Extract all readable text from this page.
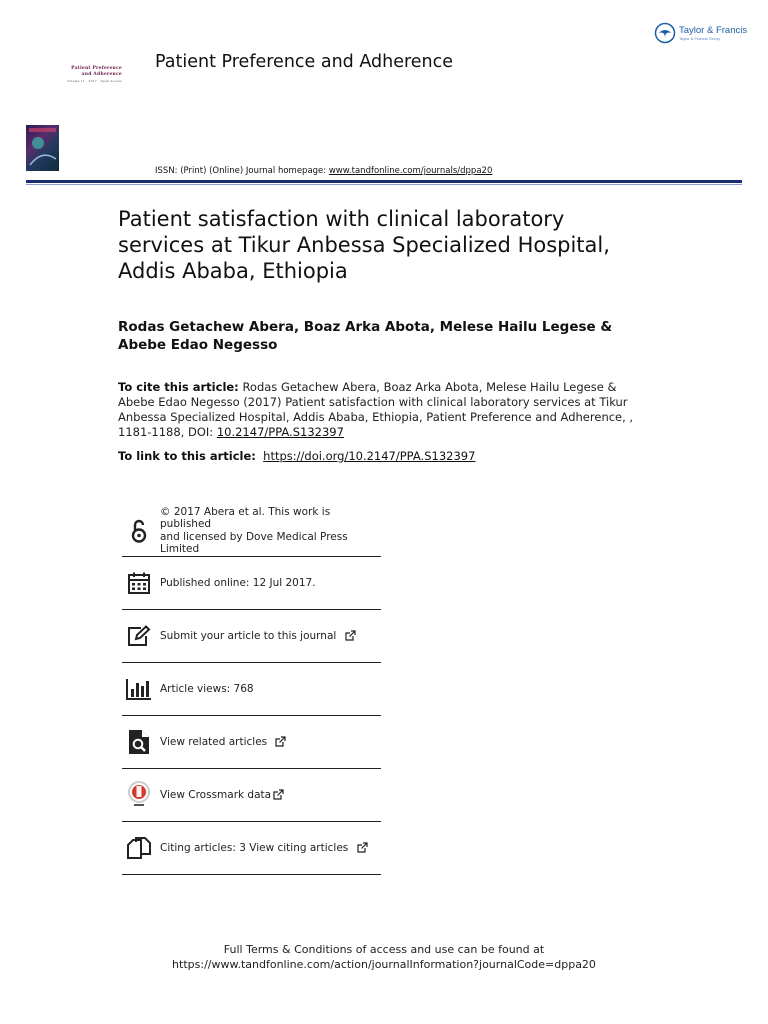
Patient Preference
and Adherence
Volume 11 · 2017 · Open Access
Patient Preference and Adherence
Taylor & Francis
Taylor & Francis Group
ISSN: (Print) (Online) Journal homepage: www.tandfonline.com/journals/dppa20
Patient satisfaction with clinical laboratory services at Tikur Anbessa Specialized Hospital, Addis Ababa, Ethiopia
Rodas Getachew Abera, Boaz Arka Abota, Melese Hailu Legese & Abebe Edao Negesso
To cite this article: Rodas Getachew Abera, Boaz Arka Abota, Melese Hailu Legese & Abebe Edao Negesso (2017) Patient satisfaction with clinical laboratory services at Tikur Anbessa Specialized Hospital, Addis Ababa, Ethiopia, Patient Preference and Adherence, , 1181-1188, DOI: 10.2147/PPA.S132397
To link to this article: https://doi.org/10.2147/PPA.S132397
© 2017 Abera et al. This work is published
and licensed by Dove Medical Press Limited
Published online: 12 Jul 2017.
Submit your article to this journal
Article views: 768
View related articles
View Crossmark data
Citing articles: 3 View citing articles
Full Terms & Conditions of access and use can be found at
https://www.tandfonline.com/action/journalInformation?journalCode=dppa20
